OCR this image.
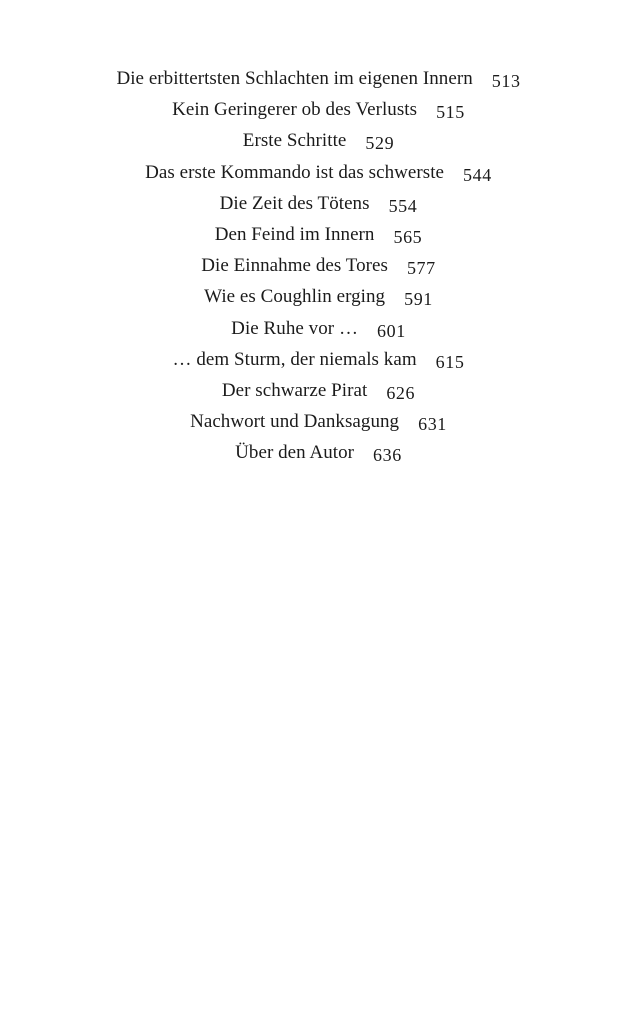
Die erbittertsten Schlachten im eigenen Innern 513
Kein Geringerer ob des Verlusts 515
Erste Schritte 529
Das erste Kommando ist das schwerste 544
Die Zeit des Tötens 554
Den Feind im Innern 565
Die Einnahme des Tores 577
Wie es Coughlin erging 591
Die Ruhe vor … 601
… dem Sturm, der niemals kam 615
Der schwarze Pirat 626
Nachwort und Danksagung 631
Über den Autor 636
